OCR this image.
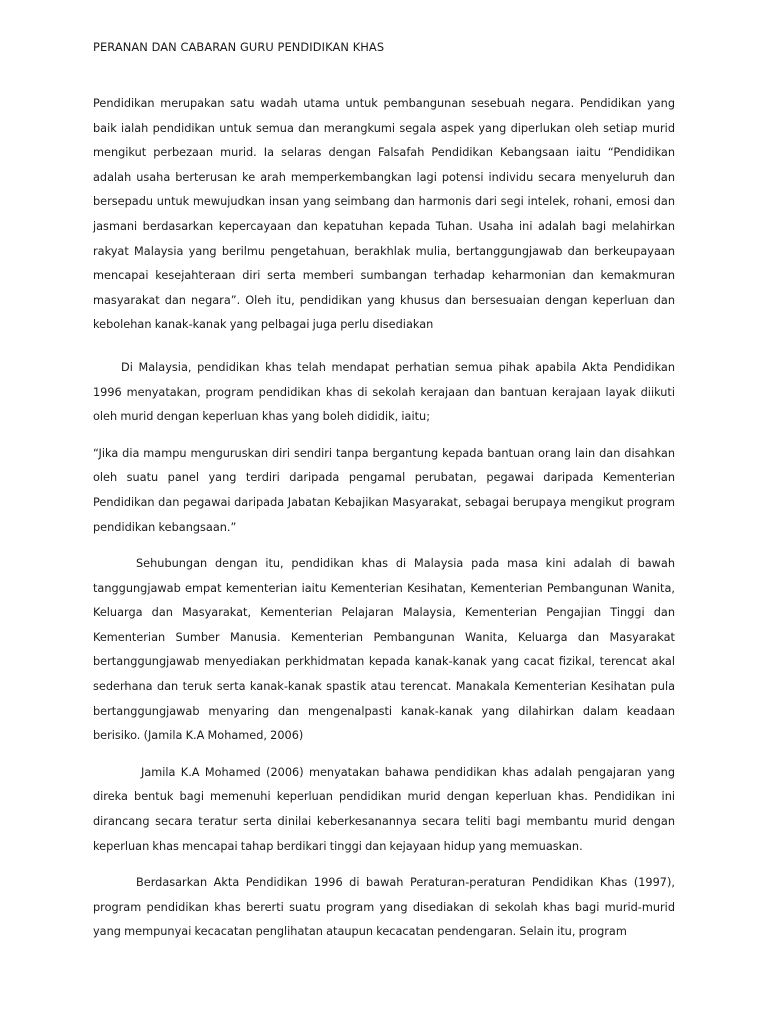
PERANAN DAN CABARAN GURU PENDIDIKAN KHAS

Pendidikan merupakan satu wadah utama untuk pembangunan sesebuah negara. Pendidikan yang baik ialah pendidikan untuk semua dan merangkumi segala aspek yang diperlukan oleh setiap murid mengikut perbezaan murid. Ia selaras dengan Falsafah Pendidikan Kebangsaan iaitu “Pendidikan adalah usaha berterusan ke arah memperkembangkan lagi potensi individu secara menyeluruh dan bersepadu untuk mewujudkan insan yang seimbang dan harmonis dari segi intelek, rohani, emosi dan jasmani berdasarkan kepercayaan dan kepatuhan kepada Tuhan. Usaha ini adalah bagi melahirkan rakyat Malaysia yang berilmu pengetahuan, berakhlak mulia, bertanggungjawab dan berkeupayaan mencapai kesejahteraan diri serta memberi sumbangan terhadap keharmonian dan kemakmuran masyarakat dan negara”. Oleh itu, pendidikan yang khusus dan bersesuaian dengan keperluan dan kebolehan kanak-kanak yang pelbagai juga perlu disediakan

Di Malaysia, pendidikan khas telah mendapat perhatian semua pihak apabila Akta Pendidikan 1996 menyatakan, program pendidikan khas di sekolah kerajaan dan bantuan kerajaan layak diikuti oleh murid dengan keperluan khas yang boleh dididik, iaitu;

“Jika dia mampu menguruskan diri sendiri tanpa bergantung kepada bantuan orang lain dan disahkan oleh suatu panel yang terdiri daripada pengamal perubatan, pegawai daripada Kementerian Pendidikan dan pegawai daripada Jabatan Kebajikan Masyarakat, sebagai berupaya mengikut program pendidikan kebangsaan.”

Sehubungan dengan itu, pendidikan khas di Malaysia pada masa kini adalah di bawah tanggungjawab empat kementerian iaitu Kementerian Kesihatan, Kementerian Pembangunan Wanita, Keluarga dan Masyarakat, Kementerian Pelajaran Malaysia, Kementerian Pengajian Tinggi dan Kementerian Sumber Manusia. Kementerian Pembangunan Wanita, Keluarga dan Masyarakat bertanggungjawab menyediakan perkhidmatan kepada kanak-kanak yang cacat fizikal, terencat akal sederhana dan teruk serta kanak-kanak spastik atau terencat. Manakala Kementerian Kesihatan pula bertanggungjawab menyaring dan mengenalpasti kanak-kanak yang dilahirkan dalam keadaan berisiko. (Jamila K.A Mohamed, 2006)

Jamila K.A Mohamed (2006) menyatakan bahawa pendidikan khas adalah pengajaran yang direka bentuk bagi memenuhi keperluan pendidikan murid dengan keperluan khas. Pendidikan ini dirancang secara teratur serta dinilai keberkesanannya secara teliti bagi membantu murid dengan keperluan khas mencapai tahap berdikari tinggi dan kejayaan hidup yang memuaskan.

Berdasarkan Akta Pendidikan 1996 di bawah Peraturan-peraturan Pendidikan Khas (1997), program pendidikan khas bererti suatu program yang disediakan di sekolah khas bagi murid-murid yang mempunyai kecacatan penglihatan ataupun kecacatan pendengaran. Selain itu, program
